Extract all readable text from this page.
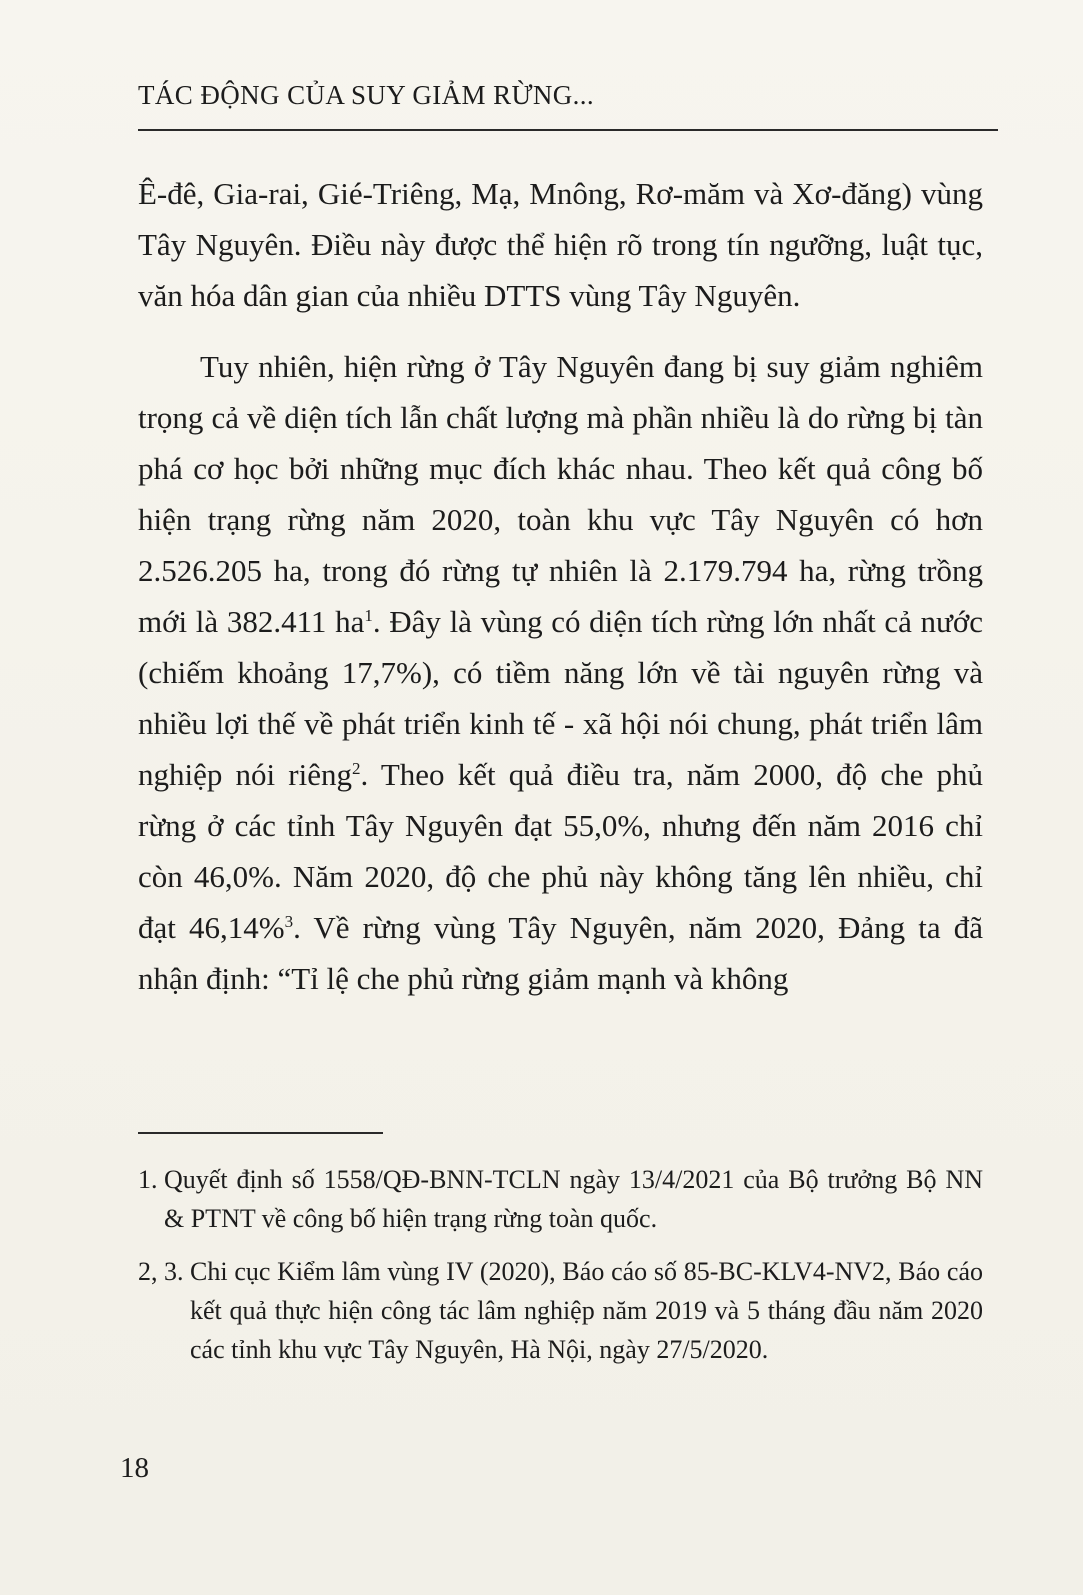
TÁC ĐỘNG CỦA SUY GIẢM RỪNG...

Ê-đê, Gia-rai, Gié-Triêng, Mạ, Mnông, Rơ-măm và Xơ-đăng) vùng Tây Nguyên. Điều này được thể hiện rõ trong tín ngưỡng, luật tục, văn hóa dân gian của nhiều DTTS vùng Tây Nguyên.

Tuy nhiên, hiện rừng ở Tây Nguyên đang bị suy giảm nghiêm trọng cả về diện tích lẫn chất lượng mà phần nhiều là do rừng bị tàn phá cơ học bởi những mục đích khác nhau. Theo kết quả công bố hiện trạng rừng năm 2020, toàn khu vực Tây Nguyên có hơn 2.526.205 ha, trong đó rừng tự nhiên là 2.179.794 ha, rừng trồng mới là 382.411 $ha^1$. Đây là vùng có diện tích rừng lớn nhất cả nước (chiếm khoảng 17,7%), có tiềm năng lớn về tài nguyên rừng và nhiều lợi thế về phát triển kinh tế - xã hội nói chung, phát triển lâm nghiệp nói riêng$^2$. Theo kết quả điều tra, năm 2000, độ che phủ rừng ở các tỉnh Tây Nguyên đạt 55,0%, nhưng đến năm 2016 chỉ còn 46,0%. Năm 2020, độ che phủ này không tăng lên nhiều, chỉ đạt 46,14%$^3$. Về rừng vùng Tây Nguyên, năm 2020, Đảng ta đã nhận định: “Tỉ lệ che phủ rừng giảm mạnh và không

1. Quyết định số 1558/QĐ-BNN-TCLN ngày 13/4/2021 của Bộ trưởng Bộ NN & PTNT về công bố hiện trạng rừng toàn quốc.
2, 3. Chi cục Kiểm lâm vùng IV (2020), Báo cáo số 85-BC-KLV4-NV2, Báo cáo kết quả thực hiện công tác lâm nghiệp năm 2019 và 5 tháng đầu năm 2020 các tỉnh khu vực Tây Nguyên, Hà Nội, ngày 27/5/2020.
18
